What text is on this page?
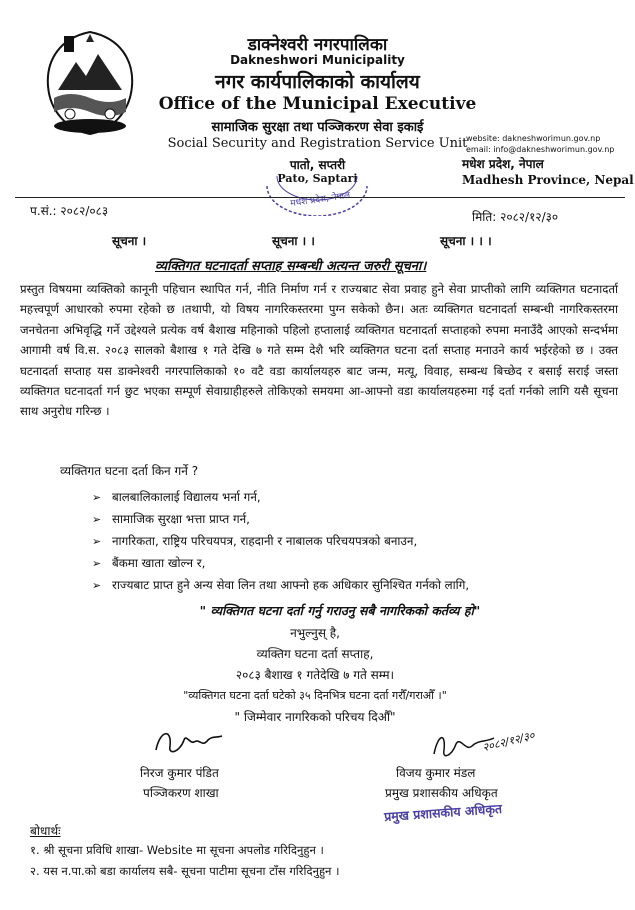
डाक्नेश्वरी नगरपालिका
Dakneshwori Municipality
नगर कार्यपालिकाको कार्यालय
Office of the Municipal Executive
सामाजिक सुरक्षा तथा पञ्जिकरण सेवा इकाई
Social Security and Registration Service Unit
पातो, सप्तरी
Pato, Saptari
website: dakneshworimun.gov.np
email: info@dakneshworimun.gov.np
मधेश प्रदेश, नेपाल
Madhesh Province, Nepal
मधेश प्रदेश, नेपाल
प.सं.: २०८२/०८३	मिति: २०८२/१२/३०
सूचना ।	सूचना । ।	सूचना । । ।
व्यक्तिगत घटनादर्ता सप्ताह सम्बन्धी अत्यन्त जरुरी सूचना।
प्रस्तुत विषयमा व्यक्तिको कानूनी पहिचान स्थापित गर्न, नीति निर्माण गर्न र राज्यबाट सेवा प्रवाह हुने सेवा प्राप्तीको लागि व्यक्तिगत घटनादर्ता महत्त्वपूर्ण आधारको रुपमा रहेको छ ।तथापी, यो विषय नागरिकस्तरमा पुग्न सकेको छैन। अतः व्यक्तिगत घटनादर्ता सम्बन्धी नागरिकस्तरमा जनचेतना अभिवृद्धि गर्ने उद्देश्यले प्रत्येक वर्ष बैशाख महिनाको पहिलो हप्तालाई व्यक्तिगत घटनादर्ता सप्ताहको रुपमा मनाउँदै आएको सन्दर्भमा आगामी वर्ष वि.स. २०८३ सालको बैशाख १ गते देखि ७ गते सम्म देशै भरि व्यक्तिगत घटना दर्ता सप्ताह मनाउने कार्य भईरहेको छ । उक्त घटनादर्ता सप्ताह यस डाक्नेश्वरी नगरपालिकाको १० वटै वडा कार्यालयहरु बाट जन्म, मत्यू, विवाह, सम्बन्ध बिच्छेद र बसाई सराई जस्ता व्यक्तिगत घटनादर्ता गर्न छुट भएका सम्पूर्ण सेवाग्राहीहरुले तोकिएको समयमा आ-आफ्नो वडा कार्यालयहरुमा गई दर्ता गर्नको लागि यसै सूचना साथ अनुरोध गरिन्छ ।
व्यक्तिगत घटना दर्ता किन गर्ने ?
➢ बालबालिकालाई विद्यालय भर्ना गर्न,
➢ सामाजिक सुरक्षा भत्ता प्राप्त गर्न,
➢ नागरिकता, राष्ट्रिय परिचयपत्र, राहदानी र नाबालक परिचयपत्रको बनाउन,
➢ बैंकमा खाता खोल्न र,
➢ राज्यबाट प्राप्त हुने अन्य सेवा लिन तथा आफ्नो हक अधिकार सुनिश्चित गर्नको लागि,
" व्यक्तिगत घटना दर्ता गर्नु गराउनु सबै नागरिकको कर्तव्य हो"
नभुल्नुस् है,
व्यक्तिग घटना दर्ता सप्ताह,
२०८३ बैशाख १ गतेदेखि ७ गते सम्म।
"व्यक्तिगत घटना दर्ता घटेको ३५ दिनभित्र घटना दर्ता गरौँ/गराऔँ ।"
" जिम्मेवार नागरिकको परिचय दिऔँ"
निरज कुमार पंडित
पञ्जिकरण शाखा
२०८२/१२/३०
विजय कुमार मंडल
प्रमुख प्रशासकीय अधिकृत
प्रमुख प्रशासकीय अधिकृत
बोधार्थः
१. श्री सूचना प्रविधि शाखा- Website मा सूचना अपलोड गरिदिनुहुन ।
२. यस न.पा.को बडा कार्यालय सबै- सूचना पाटीमा सूचना टाँस गरिदिनुहुन ।
